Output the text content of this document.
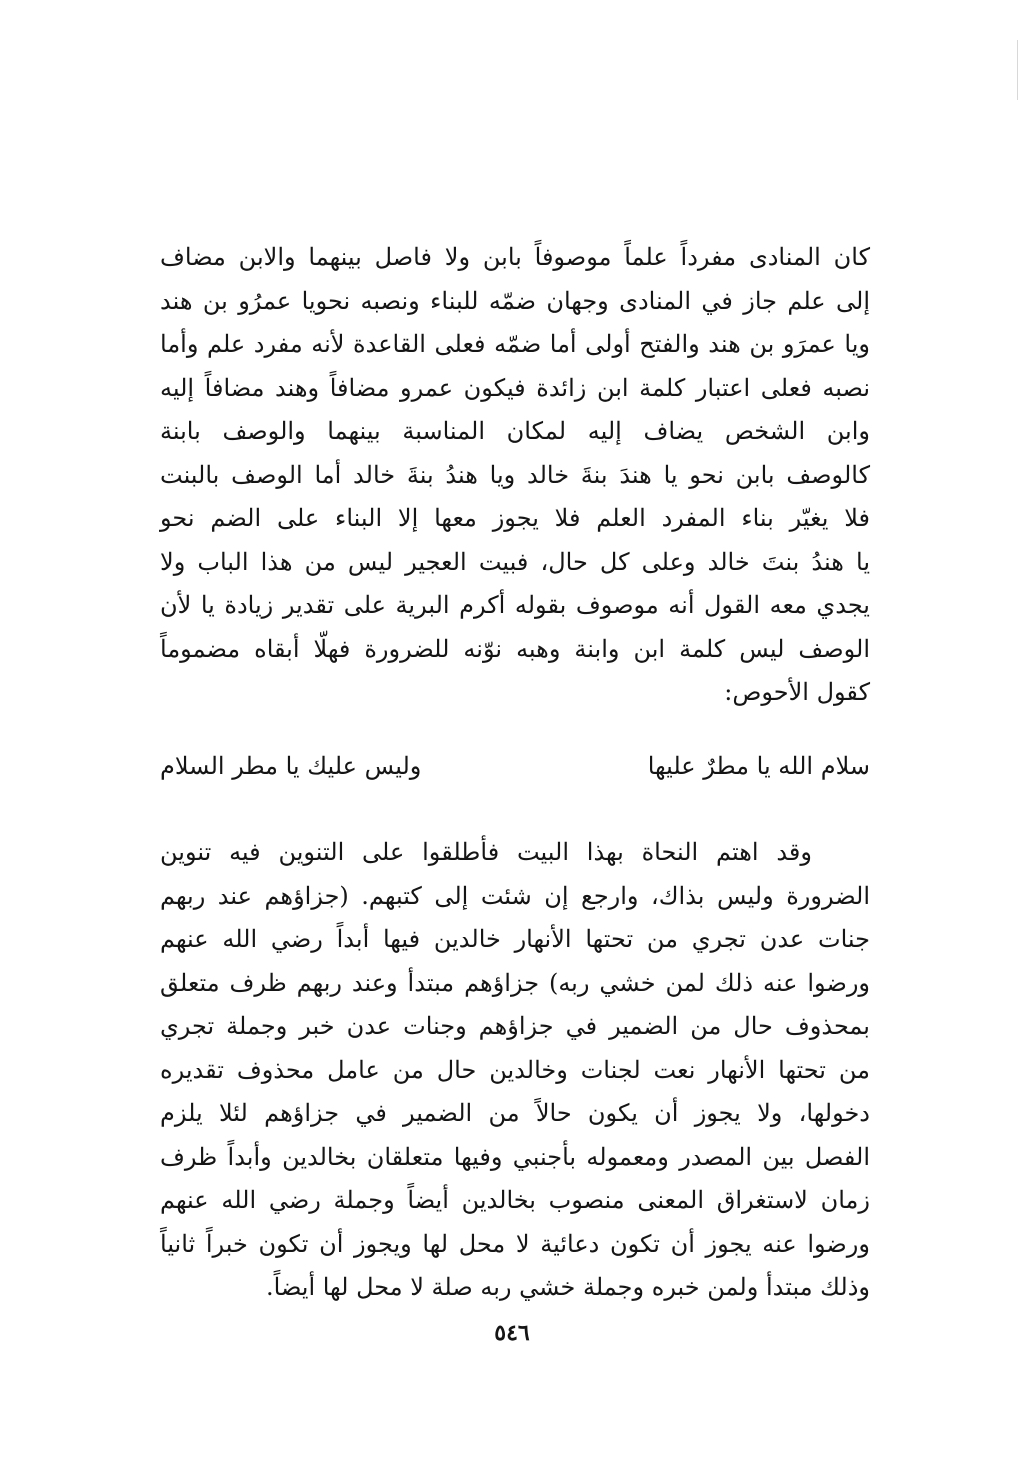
كان المنادى مفرداً علماً موصوفاً بابن ولا فاصل بينهما والابن مضاف
إلى علم جاز في المنادى وجهان ضمّه للبناء ونصبه نحويا عمرُو بن هند
ويا عمرَو بن هند والفتح أولى أما ضمّه فعلى القاعدة لأنه مفرد علم وأما
نصبه فعلى اعتبار كلمة ابن زائدة فيكون عمرو مضافاً وهند مضافاً إليه
وابن الشخص يضاف إليه لمكان المناسبة بينهما والوصف بابنة
كالوصف بابن نحو يا هندَ بنةَ خالد ويا هندُ بنةَ خالد أما الوصف بالبنت
فلا يغيّر بناء المفرد العلم فلا يجوز معها إلا البناء على الضم نحو
يا هندُ بنتَ خالد وعلى كل حال، فبيت العجير ليس من هذا الباب ولا
يجدي معه القول أنه موصوف بقوله أكرم البرية على تقدير زيادة يا لأن
الوصف ليس كلمة ابن وابنة وهبه نوّنه للضرورة فهلّا أبقاه مضموماً
كقول الأحوص:
سلام الله يا مطرٌ عليها
وليس عليك يا مطر السلام
وقد اهتم النحاة بهذا البيت فأطلقوا على التنوين فيه تنوين
الضرورة وليس بذاك، وارجع إن شئت إلى كتبهم. (جزاؤهم عند ربهم
جنات عدن تجري من تحتها الأنهار خالدين فيها أبداً رضي الله عنهم
ورضوا عنه ذلك لمن خشي ربه) جزاؤهم مبتدأ وعند ربهم ظرف متعلق
بمحذوف حال من الضمير في جزاؤهم وجنات عدن خبر وجملة تجري
من تحتها الأنهار نعت لجنات وخالدين حال من عامل محذوف تقديره
دخولها، ولا يجوز أن يكون حالاً من الضمير في جزاؤهم لئلا يلزم
الفصل بين المصدر ومعموله بأجنبي وفيها متعلقان بخالدين وأبداً ظرف
زمان لاستغراق المعنى منصوب بخالدين أيضاً وجملة رضي الله عنهم
ورضوا عنه يجوز أن تكون دعائية لا محل لها ويجوز أن تكون خبراً ثانياً
وذلك مبتدأ ولمن خبره وجملة خشي ربه صلة لا محل لها أيضاً.
٥٤٦
